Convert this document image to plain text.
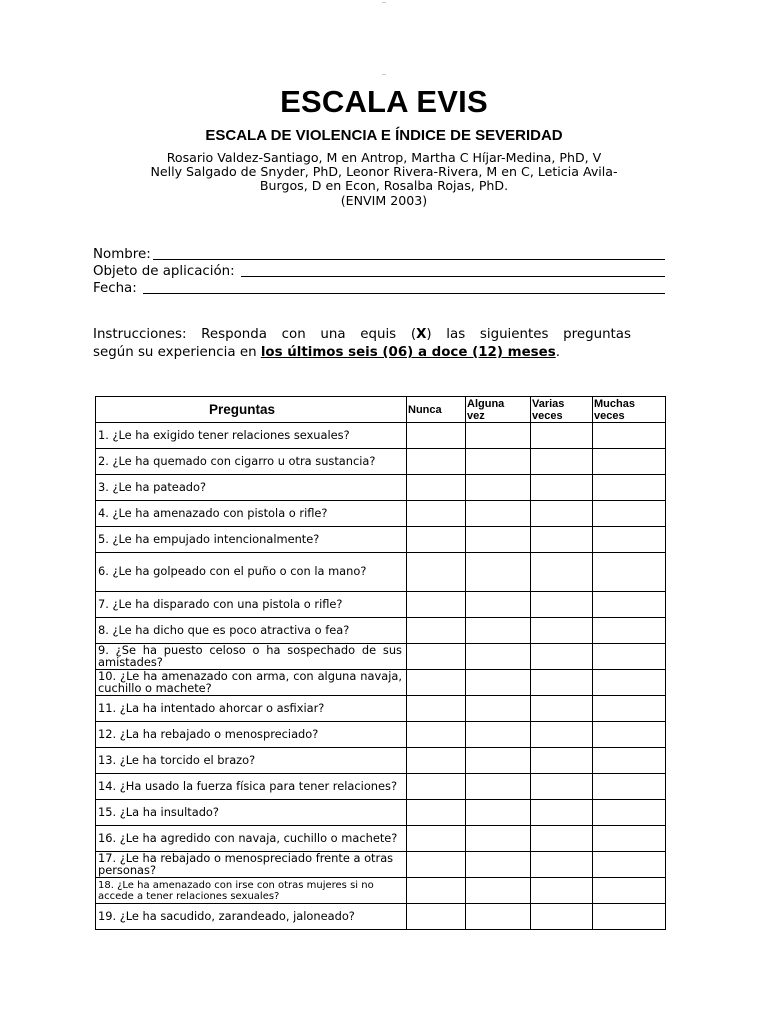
—
—
ESCALA EVIS
ESCALA DE VIOLENCIA E ÍNDICE DE SEVERIDAD
Rosario Valdez-Santiago, M en Antrop, Martha C Híjar-Medina, PhD, V Nelly Salgado de Snyder, PhD, Leonor Rivera-Rivera, M en C, Leticia Avila-Burgos, D en Econ, Rosalba Rojas, PhD.
(ENVIM 2003)
Nombre:
Objeto de aplicación:
Fecha:
Instrucciones: Responda con una equis (X) las siguientes preguntas
según su experiencia en los últimos seis (06) a doce (12) meses.
Preguntas	Nunca	Alguna vez	Varias veces	Muchas veces

1. ¿Le ha exigido tener relaciones sexuales?				
2. ¿Le ha quemado con cigarro u otra sustancia?				
3. ¿Le ha pateado?				
4. ¿Le ha amenazado con pistola o rifle?				
5. ¿Le ha empujado intencionalmente?				
6. ¿Le ha golpeado con el puño o con la mano?				
7. ¿Le ha disparado con una pistola o rifle?				
8. ¿Le ha dicho que es poco atractiva o fea?				
9. ¿Se ha puesto celoso o ha sospechado de sus amistades?				
10. ¿Le ha amenazado con arma, con alguna navaja, cuchillo o machete?				
11. ¿La ha intentado ahorcar o asfixiar?				
12. ¿La ha rebajado o menospreciado?				
13. ¿Le ha torcido el brazo?				
14. ¿Ha usado la fuerza física para tener relaciones?				
15. ¿La ha insultado?				
16. ¿Le ha agredido con navaja, cuchillo o machete?				
17. ¿Le ha rebajado o menospreciado frente a otras personas?				
18. ¿Le ha amenazado con irse con otras mujeres si no accede a tener relaciones sexuales?				
19. ¿Le ha sacudido, zarandeado, jaloneado?				
